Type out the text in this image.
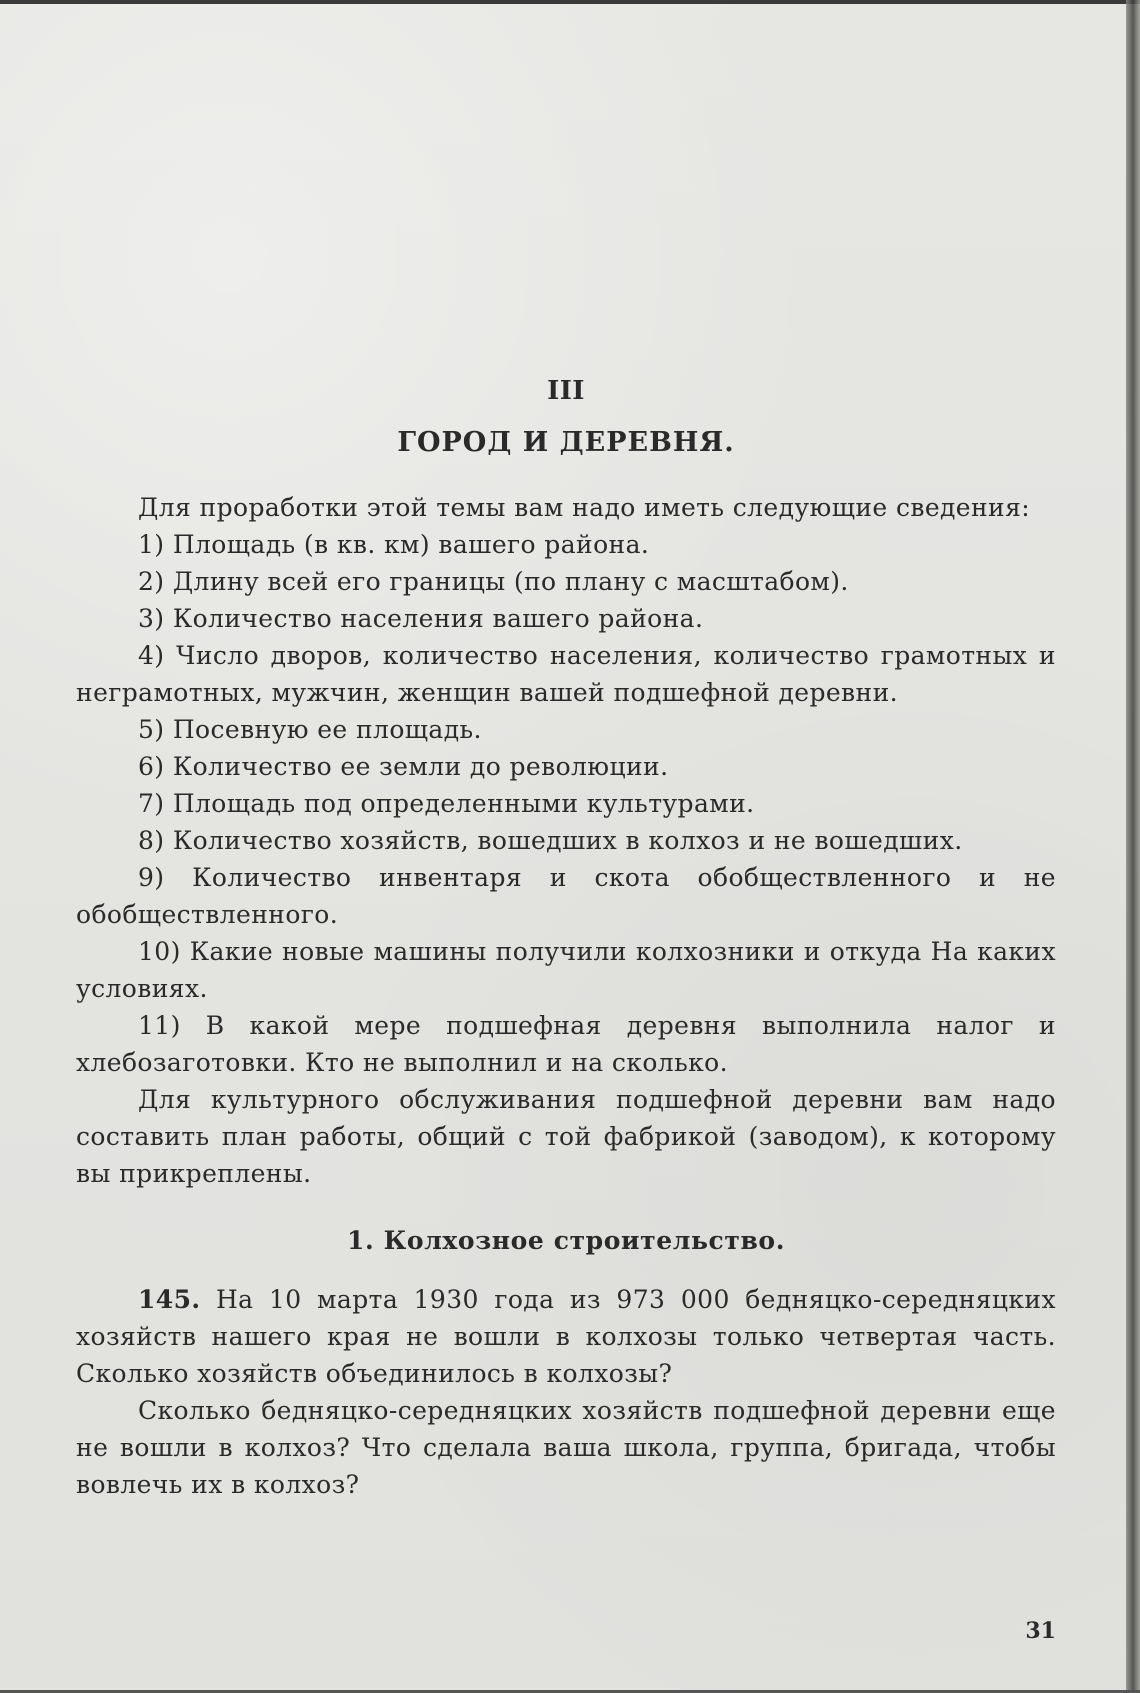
III
ГОРОД И ДЕРЕВНЯ.

Для проработки этой темы вам надо иметь следующие сведения:

1) Площадь (в кв. км) вашего района.

2) Длину всей его границы (по плану с масштабом).

3) Количество населения вашего района.

4) Число дворов, количество населения, количество грамотных и неграмотных, мужчин, женщин вашей подшефной деревни.

5) Посевную ее площадь.

6) Количество ее земли до революции.

7) Площадь под определенными культурами.

8) Количество хозяйств, вошедших в колхоз и не вошедших.

9) Количество инвентаря и скота обобществленного и не обобществленного.

10) Какие новые машины получили колхозники и откуда На каких условиях.

11) В какой мере подшефная деревня выполнила налог и хлебозаготовки. Кто не выполнил и на сколько.

Для культурного обслуживания подшефной деревни вам надо составить план работы, общий с той фабрикой (заводом), к которому вы прикреплены.

1. Колхозное строительство.

145. На 10 марта 1930 года из 973 000 бедняцко-середняцких хозяйств нашего края не вошли в колхозы только четвертая часть. Сколько хозяйств объединилось в колхозы?

Сколько бедняцко-середняцких хозяйств подшефной деревни еще не вошли в колхоз? Что сделала ваша школа, группа, бригада, чтобы вовлечь их в колхоз?

31
